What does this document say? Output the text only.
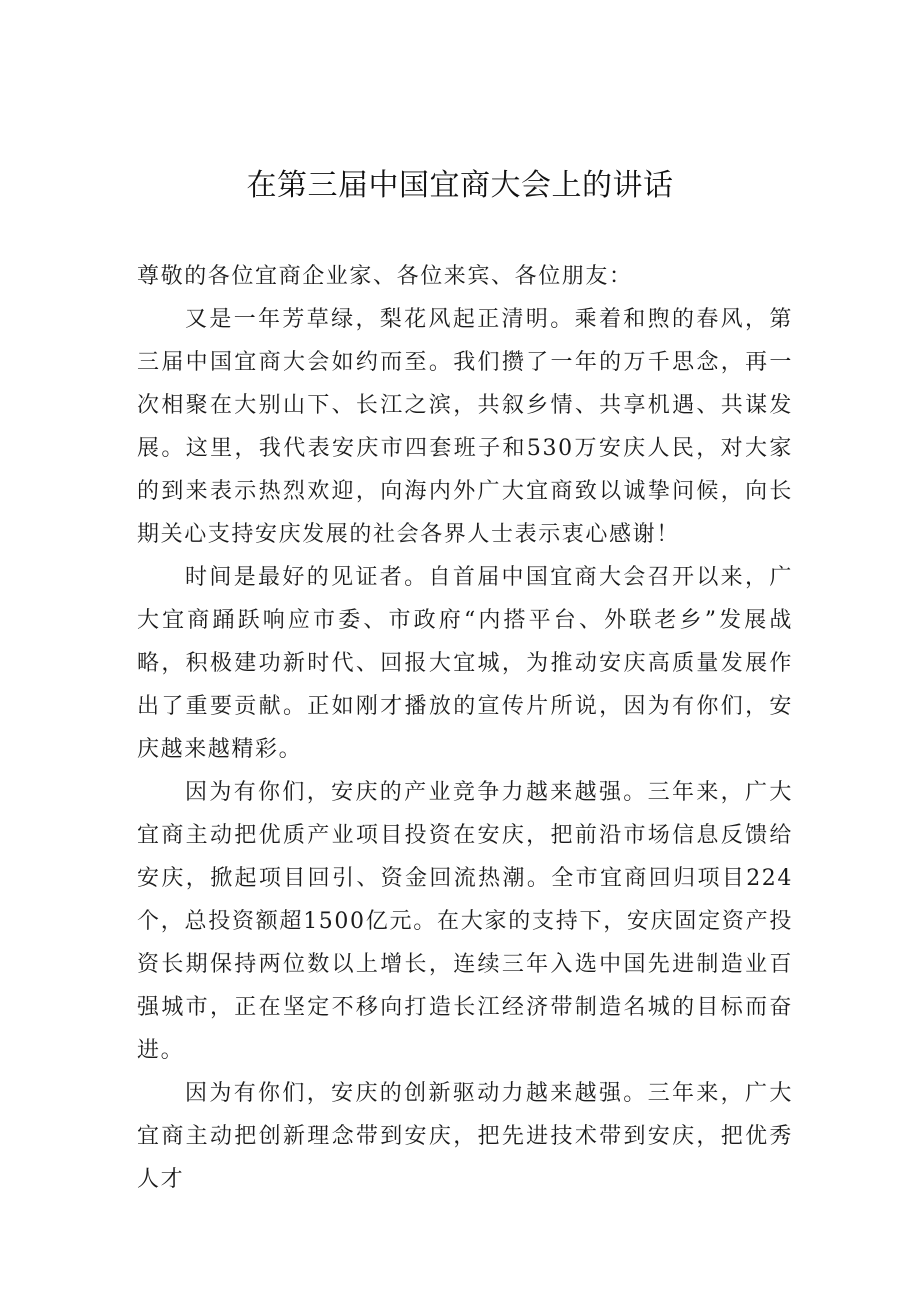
在第三届中国宜商大会上的讲话

尊敬的各位宜商企业家、各位来宾、各位朋友：

又是一年芳草绿，梨花风起正清明。乘着和煦的春风，第三届中国宜商大会如约而至。我们攒了一年的万千思念，再一次相聚在大别山下、长江之滨，共叙乡情、共享机遇、共谋发展。这里，我代表安庆市四套班子和530万安庆人民，对大家的到来表示热烈欢迎，向海内外广大宜商致以诚挚问候，向长期关心支持安庆发展的社会各界人士表示衷心感谢！

时间是最好的见证者。自首届中国宜商大会召开以来，广大宜商踊跃响应市委、市政府“内搭平台、外联老乡”发展战略，积极建功新时代、回报大宜城，为推动安庆高质量发展作出了重要贡献。正如刚才播放的宣传片所说，因为有你们，安庆越来越精彩。

因为有你们，安庆的产业竞争力越来越强。三年来，广大宜商主动把优质产业项目投资在安庆，把前沿市场信息反馈给安庆，掀起项目回引、资金回流热潮。全市宜商回归项目224个，总投资额超1500亿元。在大家的支持下，安庆固定资产投资长期保持两位数以上增长，连续三年入选中国先进制造业百强城市，正在坚定不移向打造长江经济带制造名城的目标而奋进。

因为有你们，安庆的创新驱动力越来越强。三年来，广大宜商主动把创新理念带到安庆，把先进技术带到安庆，把优秀人才
